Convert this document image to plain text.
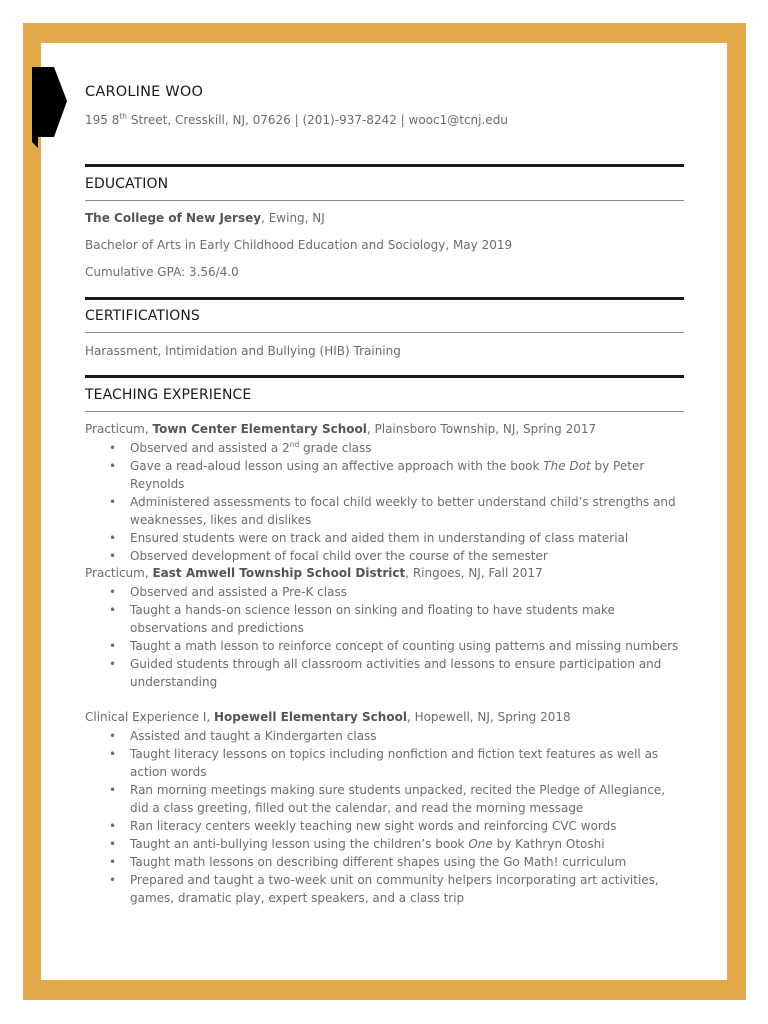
CAROLINE WOO
195 8th Street, Cresskill, NJ, 07626 | (201)-937-8242 | wooc1@tcnj.edu
EDUCATION
The College of New Jersey, Ewing, NJ
Bachelor of Arts in Early Childhood Education and Sociology, May 2019
Cumulative GPA: 3.56/4.0
CERTIFICATIONS
Harassment, Intimidation and Bullying (HIB) Training
TEACHING EXPERIENCE
Practicum, Town Center Elementary School, Plainsboro Township, NJ, Spring 2017
• Observed and assisted a 2nd grade class
• Gave a read-aloud lesson using an affective approach with the book The Dot by Peter Reynolds
• Administered assessments to focal child weekly to better understand child’s strengths and weaknesses, likes and dislikes
• Ensured students were on track and aided them in understanding of class material
• Observed development of focal child over the course of the semester
Practicum, East Amwell Township School District, Ringoes, NJ, Fall 2017
• Observed and assisted a Pre-K class
• Taught a hands-on science lesson on sinking and floating to have students make observations and predictions
• Taught a math lesson to reinforce concept of counting using patterns and missing numbers
• Guided students through all classroom activities and lessons to ensure participation and understanding
Clinical Experience I, Hopewell Elementary School, Hopewell, NJ, Spring 2018
• Assisted and taught a Kindergarten class
• Taught literacy lessons on topics including nonfiction and fiction text features as well as action words
• Ran morning meetings making sure students unpacked, recited the Pledge of Allegiance, did a class greeting, filled out the calendar, and read the morning message
• Ran literacy centers weekly teaching new sight words and reinforcing CVC words
• Taught an anti-bullying lesson using the children’s book One by Kathryn Otoshi
• Taught math lessons on describing different shapes using the Go Math! curriculum
• Prepared and taught a two-week unit on community helpers incorporating art activities, games, dramatic play, expert speakers, and a class trip
